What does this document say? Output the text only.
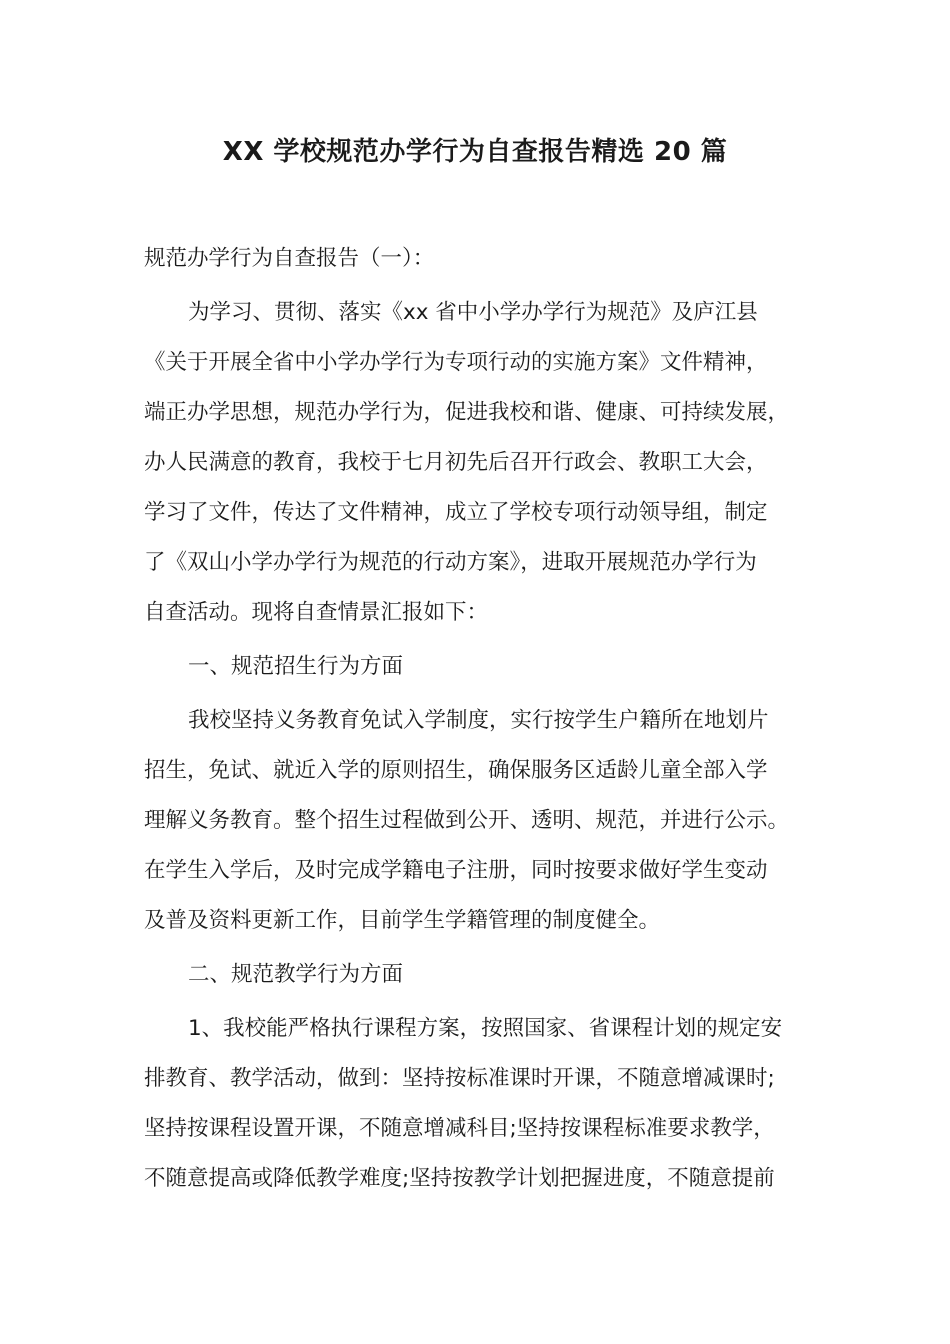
XX 学校规范办学行为自查报告精选 20 篇
规范办学行为自查报告（一）：
为学习、贯彻、落实《xx 省中小学办学行为规范》及庐江县
《关于开展全省中小学办学行为专项行动的实施方案》文件精神，
端正办学思想，规范办学行为，促进我校和谐、健康、可持续发展，
办人民满意的教育，我校于七月初先后召开行政会、教职工大会，
学习了文件，传达了文件精神，成立了学校专项行动领导组，制定
了《双山小学办学行为规范的行动方案》，进取开展规范办学行为
自查活动。现将自查情景汇报如下：
一、规范招生行为方面
我校坚持义务教育免试入学制度，实行按学生户籍所在地划片
招生，免试、就近入学的原则招生，确保服务区适龄儿童全部入学
理解义务教育。整个招生过程做到公开、透明、规范，并进行公示。
在学生入学后，及时完成学籍电子注册，同时按要求做好学生变动
及普及资料更新工作，目前学生学籍管理的制度健全。
二、规范教学行为方面
1、我校能严格执行课程方案，按照国家、省课程计划的规定安
排教育、教学活动，做到：坚持按标准课时开课，不随意增减课时;
坚持按课程设置开课，不随意增减科目;坚持按课程标准要求教学，
不随意提高或降低教学难度;坚持按教学计划把握进度，不随意提前
